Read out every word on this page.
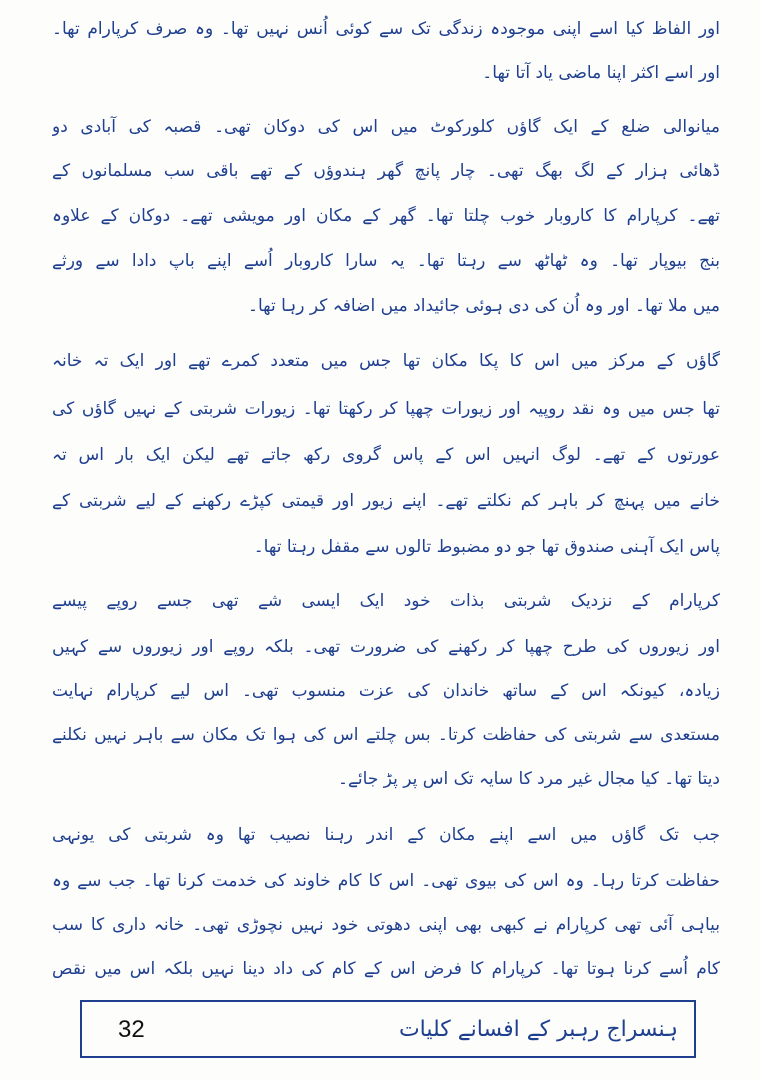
اور الفاظ کیا اسے اپنی موجودہ زندگی تک سے کوئی اُنس نہیں تھا۔ وہ صرف کرپارام تھا۔
اور اسے اکثر اپنا ماضی یاد آتا تھا۔
میانوالی ضلع کے ایک گاؤں کلورکوٹ میں اس کی دوکان تھی۔ قصبہ کی آبادی دو
ڈھائی ہزار کے لگ بھگ تھی۔ چار پانچ گھر ہندوؤں کے تھے باقی سب مسلمانوں کے
تھے۔ کرپارام کا کاروبار خوب چلتا تھا۔ گھر کے مکان اور مویشی تھے۔ دوکان کے علاوہ
بنج بیوپار تھا۔ وہ ٹھاٹھ سے رہتا تھا۔ یہ سارا کاروبار اُسے اپنے باپ دادا سے ورثے
میں ملا تھا۔ اور وہ اُن کی دی ہوئی جائیداد میں اضافہ کر رہا تھا۔
گاؤں کے مرکز میں اس کا پکا مکان تھا جس میں متعدد کمرے تھے اور ایک تہ خانہ
تھا جس میں وہ نقد روپیہ اور زیورات چھپا کر رکھتا تھا۔ زیورات شربتی کے نہیں گاؤں کی
عورتوں کے تھے۔ لوگ انہیں اس کے پاس گروی رکھ جاتے تھے لیکن ایک بار اس تہ
خانے میں پہنچ کر باہر کم نکلتے تھے۔ اپنے زیور اور قیمتی کپڑے رکھنے کے لیے شربتی کے
پاس ایک آہنی صندوق تھا جو دو مضبوط تالوں سے مقفل رہتا تھا۔
کرپارام کے نزدیک شربتی بذات خود ایک ایسی شے تھی جسے روپے پیسے
اور زیوروں کی طرح چھپا کر رکھنے کی ضرورت تھی۔ بلکہ روپے اور زیوروں سے کہیں
زیادہ، کیونکہ اس کے ساتھ خاندان کی عزت منسوب تھی۔ اس لیے کرپارام نہایت
مستعدی سے شربتی کی حفاظت کرتا۔ بس چلتے اس کی ہوا تک مکان سے باہر نہیں نکلنے
دیتا تھا۔ کیا مجال غیر مرد کا سایہ تک اس پر پڑ جائے۔
جب تک گاؤں میں اسے اپنے مکان کے اندر رہنا نصیب تھا وہ شربتی کی یونہی
حفاظت کرتا رہا۔ وہ اس کی بیوی تھی۔ اس کا کام خاوند کی خدمت کرنا تھا۔ جب سے وہ
بیاہی آئی تھی کرپارام نے کبھی بھی اپنی دھوتی خود نہیں نچوڑی تھی۔ خانہ داری کا سب
کام اُسے کرنا ہوتا تھا۔ کرپارام کا فرض اس کے کام کی داد دینا نہیں بلکہ اس میں نقص
ہنسراج رہبر کے افسانے کلیات
32
